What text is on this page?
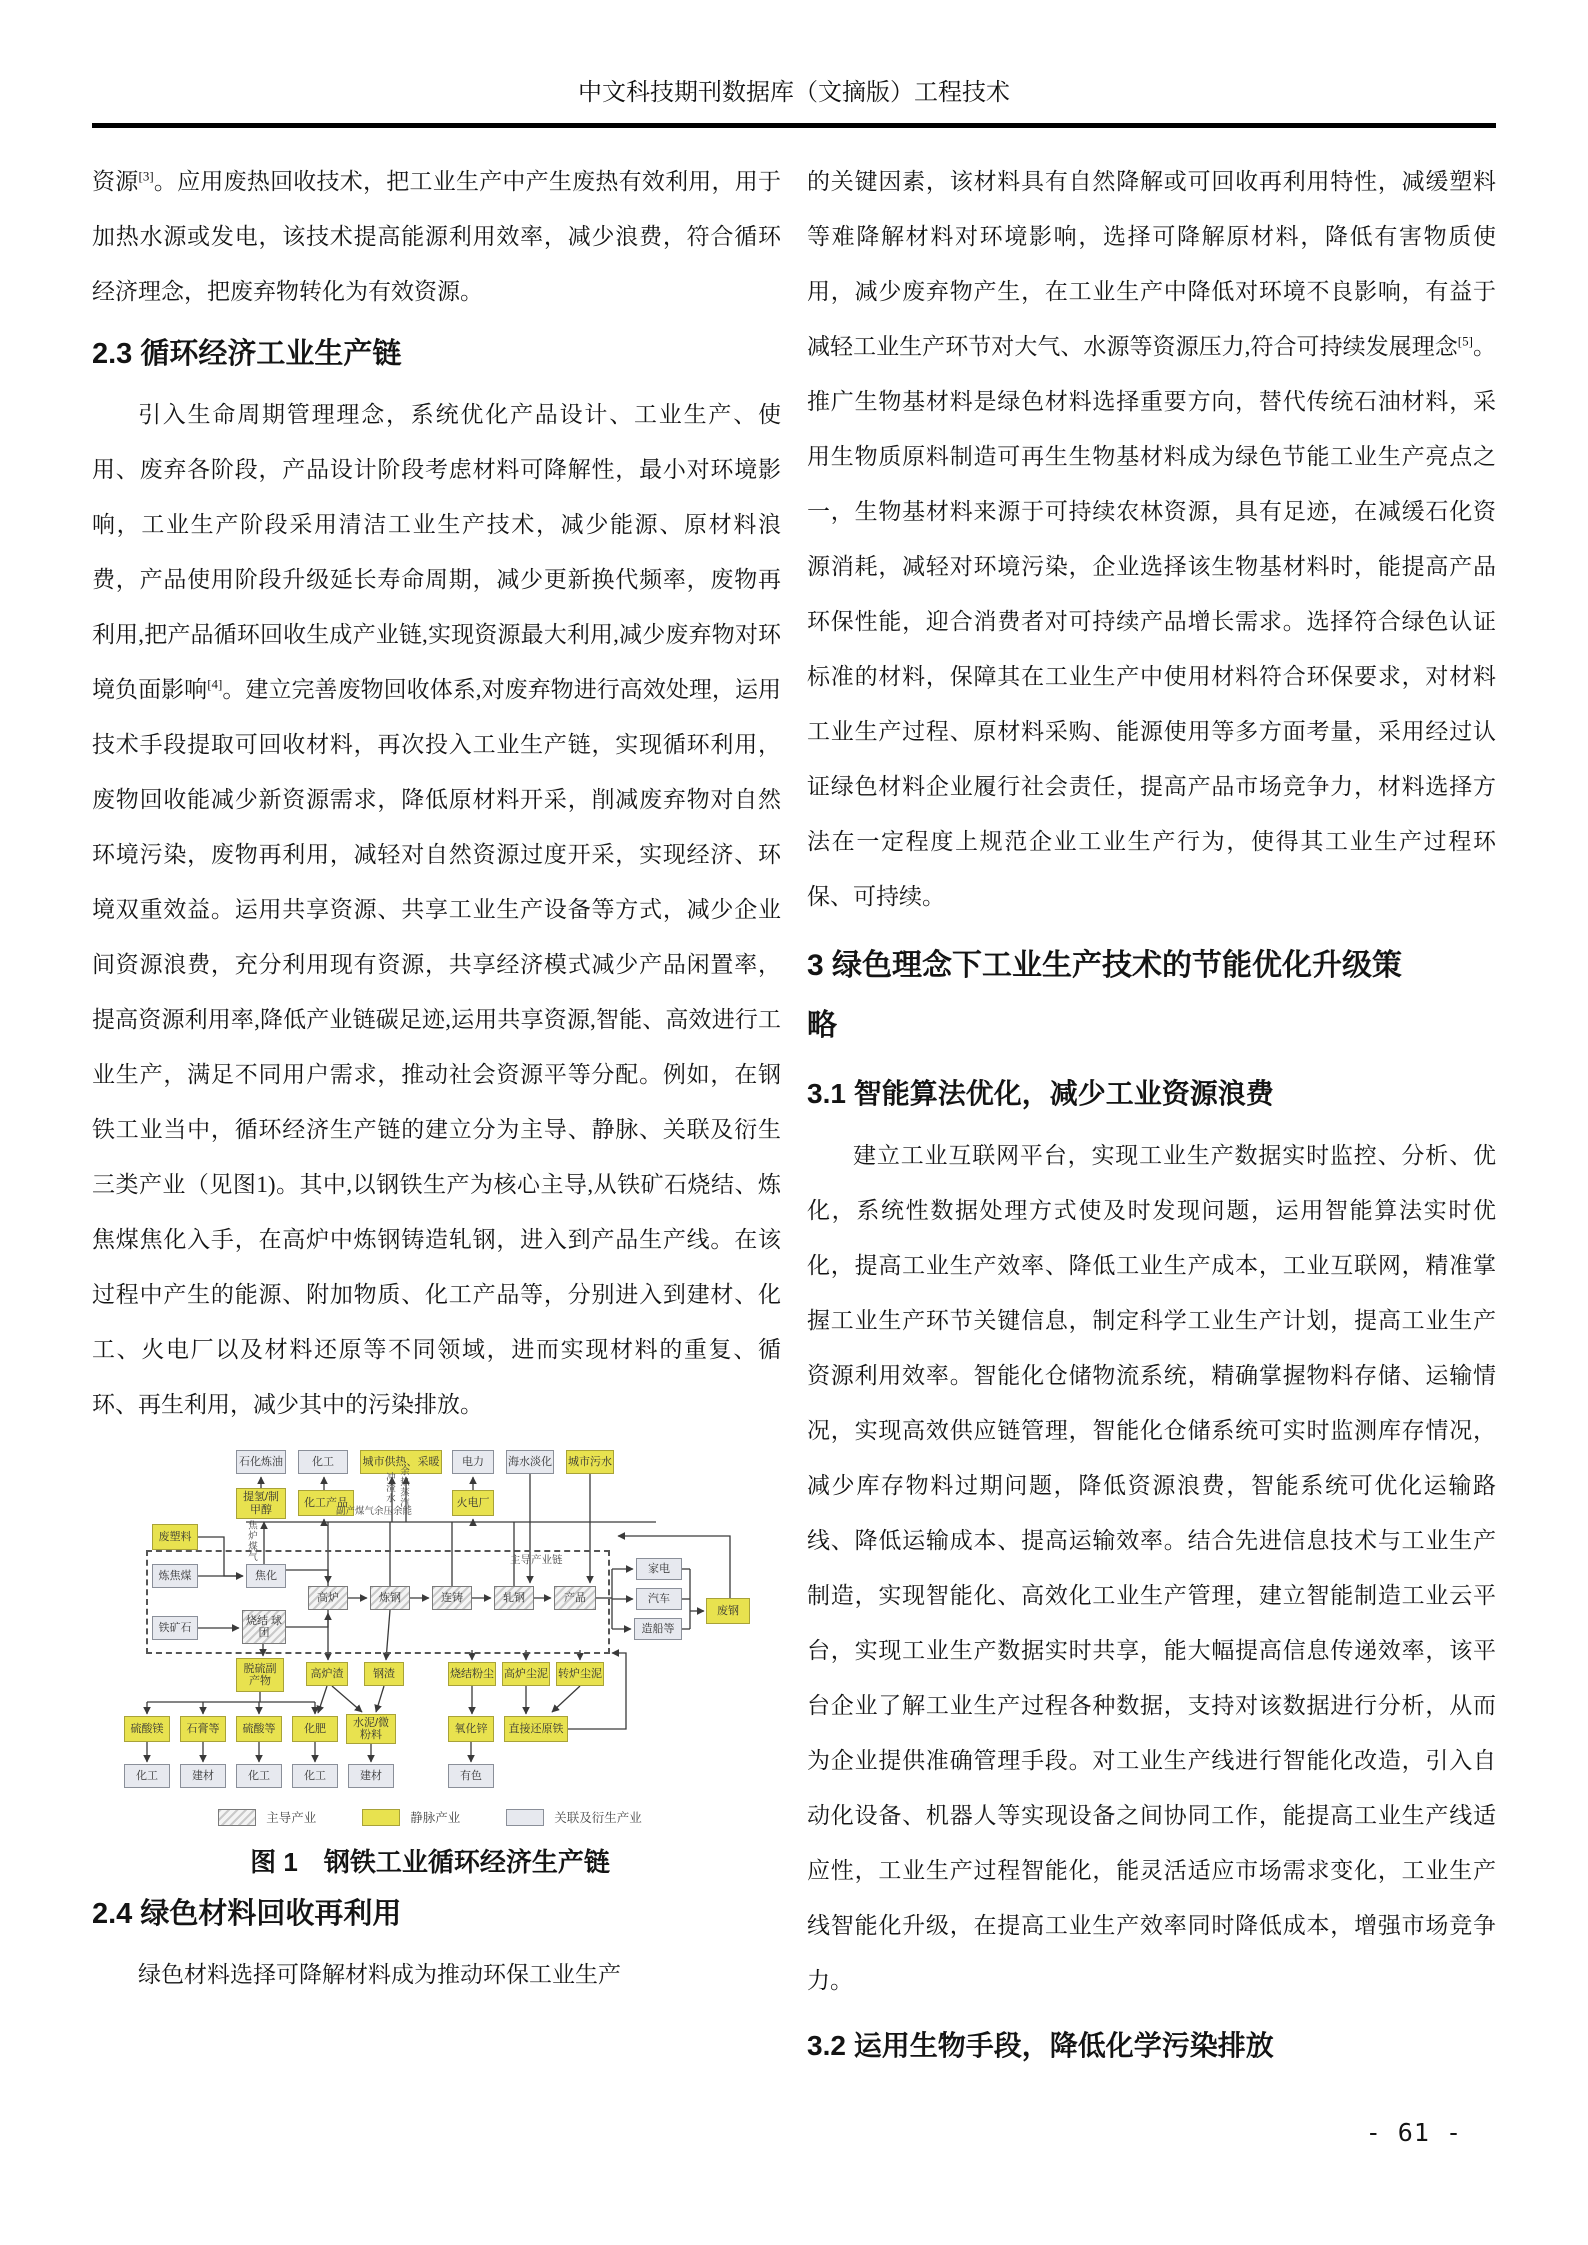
中文科技期刊数据库（文摘版）工程技术

资源[3]。应用废热回收技术，把工业生产中产生废热有效利用，用于加热水源或发电，该技术提高能源利用效率，减少浪费，符合循环经济理念，把废弃物转化为有效资源。

2.3 循环经济工业生产链

引入生命周期管理理念，系统优化产品设计、工业生产、使用、废弃各阶段，产品设计阶段考虑材料可降解性，最小对环境影响，工业生产阶段采用清洁工业生产技术，减少能源、原材料浪费，产品使用阶段升级延长寿命周期，减少更新换代频率，废物再利用,把产品循环回收生成产业链,实现资源最大利用,减少废弃物对环境负面影响[4]。建立完善废物回收体系,对废弃物进行高效处理，运用技术手段提取可回收材料，再次投入工业生产链，实现循环利用，废物回收能减少新资源需求，降低原材料开采，削减废弃物对自然环境污染，废物再利用，减轻对自然资源过度开采，实现经济、环境双重效益。运用共享资源、共享工业生产设备等方式，减少企业间资源浪费，充分利用现有资源，共享经济模式减少产品闲置率，提高资源利用率,降低产业链碳足迹,运用共享资源,智能、高效进行工业生产，满足不同用户需求，推动社会资源平等分配。例如，在钢铁工业当中，循环经济生产链的建立分为主导、静脉、关联及衍生三类产业（见图1)。其中,以钢铁生产为核心主导,从铁矿石烧结、炼焦煤焦化入手，在高炉中炼钢铸造轧钢，进入到产品生产线。在该过程中产生的能源、附加物质、化工产品等，分别进入到建材、化工、火电厂以及材料还原等不同领域，进而实现材料的重复、循环、再生利用，减少其中的污染排放。

主导产业链
石化炼油	化工	城市供热、采暖	电力	海水淡化 城市污水
提氢/制甲醇
化工产品	火电厂
废塑料
炼焦煤	焦化
铁矿石
烧结 球团
高炉	炼钢	连铸	轧钢	产品
家电
汽车
造船等
废钢
脱硫副 产物
高炉渣	钢渣	烧结粉尘 高炉尘泥 转炉尘泥
硫酸镁	石膏等	硫酸等	化肥
水泥/微 粉料
氧化锌	直接还原铁
化工	建材	化工	化工	建材	有色
焦炉煤气
冲渣水 余热蒸汽
副产煤气余压余能
主导产业	静脉产业	关联及衍生产业
图 1　钢铁工业循环经济生产链
2.4 绿色材料回收再利用

绿色材料选择可降解材料成为推动环保工业生产

的关键因素，该材料具有自然降解或可回收再利用特性，减缓塑料等难降解材料对环境影响，选择可降解原材料，降低有害物质使用，减少废弃物产生，在工业生产中降低对环境不良影响，有益于减轻工业生产环节对大气、水源等资源压力,符合可持续发展理念[5]。推广生物基材料是绿色材料选择重要方向，替代传统石油材料，采用生物质原料制造可再生生物基材料成为绿色节能工业生产亮点之一，生物基材料来源于可持续农林资源，具有足迹，在减缓石化资源消耗，减轻对环境污染，企业选择该生物基材料时，能提高产品环保性能，迎合消费者对可持续产品增长需求。选择符合绿色认证标准的材料，保障其在工业生产中使用材料符合环保要求，对材料工业生产过程、原材料采购、能源使用等多方面考量，采用经过认证绿色材料企业履行社会责任，提高产品市场竞争力，材料选择方法在一定程度上规范企业工业生产行为，使得其工业生产过程环保、可持续。

3 绿色理念下工业生产技术的节能优化升级策略
3.1 智能算法优化，减少工业资源浪费

建立工业互联网平台，实现工业生产数据实时监控、分析、优化，系统性数据处理方式使及时发现问题，运用智能算法实时优化，提高工业生产效率、降低工业生产成本，工业互联网，精准掌握工业生产环节关键信息，制定科学工业生产计划，提高工业生产资源利用效率。智能化仓储物流系统，精确掌握物料存储、运输情况，实现高效供应链管理，智能化仓储系统可实时监测库存情况，减少库存物料过期问题，降低资源浪费，智能系统可优化运输路线、降低运输成本、提高运输效率。结合先进信息技术与工业生产制造，实现智能化、高效化工业生产管理，建立智能制造工业云平台，实现工业生产数据实时共享，能大幅提高信息传递效率，该平台企业了解工业生产过程各种数据，支持对该数据进行分析，从而为企业提供准确管理手段。对工业生产线进行智能化改造，引入自动化设备、机器人等实现设备之间协同工作，能提高工业生产线适应性，工业生产过程智能化，能灵活适应市场需求变化，工业生产线智能化升级，在提高工业生产效率同时降低成本，增强市场竞争力。

3.2 运用生物手段，降低化学污染排放
- 61 -
